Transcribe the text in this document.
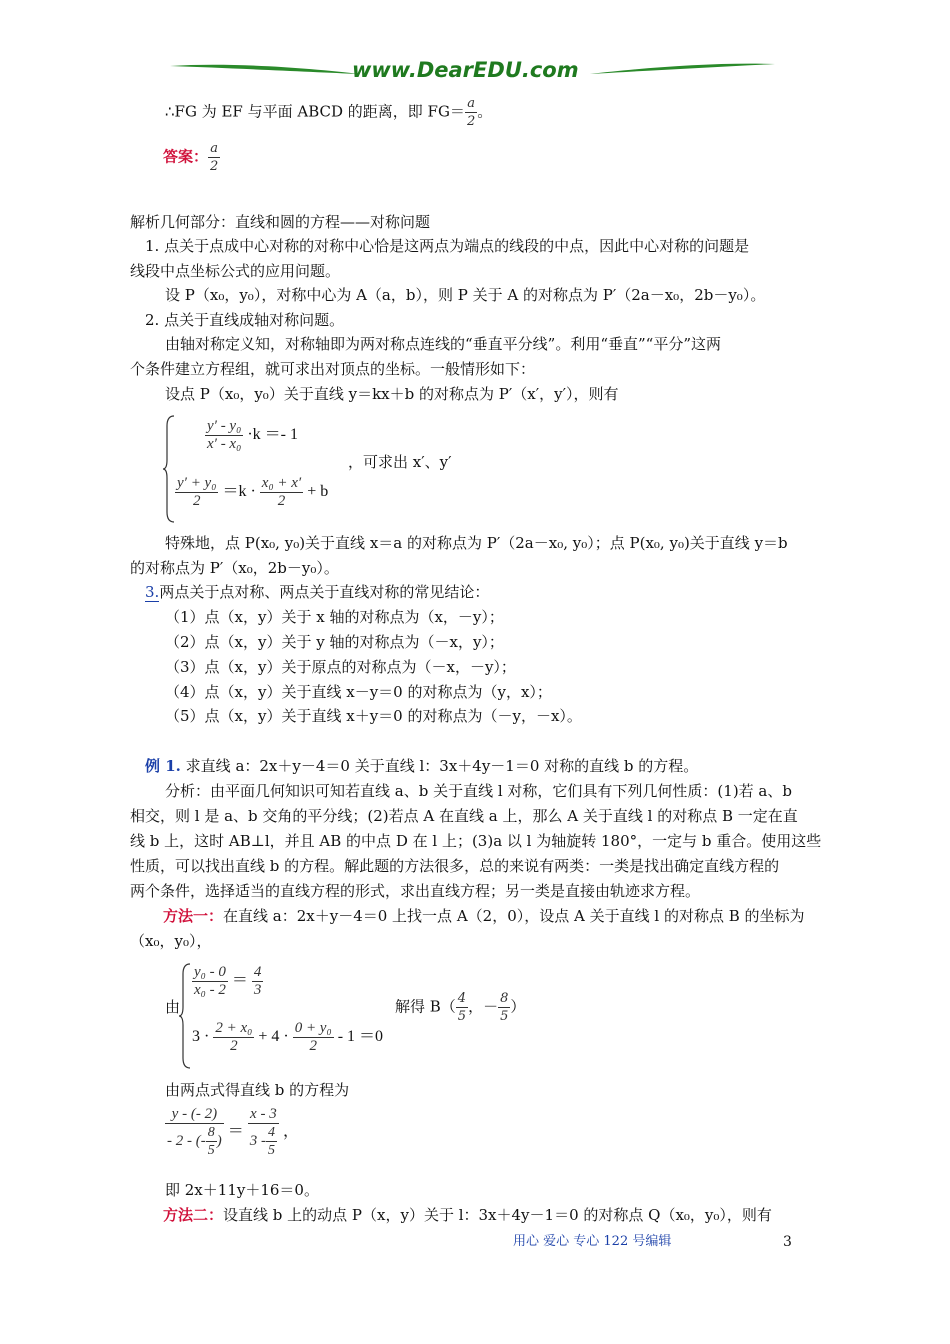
www.DearEDU.com
∴FG 为 EF 与平面 ABCD 的距离，即 $FG= \frac{a}{2}$ 。
答案： $\frac{a}{2}$
解析几何部分：直线和圆的方程——对称问题
1. 点关于点成中心对称的对称中心恰是这两点为端点的线段的中点，因此中心对称的问题是
线段中点坐标公式的应用问题。
设 P（x₀，y₀），对称中心为 A（a，b），则 P 关于 A 的对称点为 P′（2a－x₀，2b－y₀）。
2. 点关于直线成轴对称问题。
由轴对称定义知，对称轴即为两对称点连线的“垂直平分线”。利用“垂直”“平分”这两
个条件建立方程组，就可求出对顶点的坐标。一般情形如下：
设点 P（x₀，y₀）关于直线 y＝kx＋b 的对称点为 P′（x′，y′），则有
$\frac{\text{y′ - y₀}}{\text{x′ - x₀}} \cdot k =- 1$
$\frac{\text{y′ + y₀}}{2} =k \cdot \frac{\text{x₀ + x′}}{2} + b$
，可求出 x′、y′
特殊地，点 P(x₀, y₀)关于直线 x＝a 的对称点为 P′（2a－x₀, y₀）；点 P(x₀, y₀)关于直线 y＝b
的对称点为 P′（x₀，2b－y₀）。
3.两点关于点对称、两点关于直线对称的常见结论：
（1）点（x，y）关于 x 轴的对称点为（x，－y）；
（2）点（x，y）关于 y 轴的对称点为（－x，y）；
（3）点（x，y）关于原点的对称点为（－x，－y）；
（4）点（x，y）关于直线 x－y＝0 的对称点为（y，x）；
（5）点（x，y）关于直线 x＋y＝0 的对称点为（－y，－x）。
例 1. 求直线 a：2x＋y－4＝0 关于直线 l：3x＋4y－1＝0 对称的直线 b 的方程。
分析：由平面几何知识可知若直线 a、b 关于直线 l 对称，它们具有下列几何性质：(1)若 a、b
相交，则 l 是 a、b 交角的平分线；(2)若点 A 在直线 a 上，那么 A 关于直线 l 的对称点 B 一定在直
线 b 上，这时 AB⊥l，并且 AB 的中点 D 在 l 上；(3)a 以 l 为轴旋转 180°，一定与 b 重合。使用这些
性质，可以找出直线 b 的方程。解此题的方法很多，总的来说有两类：一类是找出确定直线方程的
两个条件，选择适当的直线方程的形式，求出直线方程；另一类是直接由轨迹求方程。
方法一：在直线 a：2x＋y－4＝0 上找一点 A（2，0），设点 A 关于直线 l 的对称点 B 的坐标为
（x₀，y₀），
由
$\frac{\text{y₀ - 0}}{\text{x₀ - 2}} = \frac{4}{3}$
$3 \cdot \frac{\text{2 + x₀}}{2} + 4 \cdot \frac{\text{0 + y₀}}{2} - 1 =0$
解得 $B( \frac{4}{5}$ ，－ $\frac{8}{5}$ ）
由两点式得直线 b 的方程为
$\frac{y - (- 2)}{- 2 - (- \frac{8}{5} )} = \frac{x - 3}{3 - \frac{4}{5}}$ ，
即 2x＋11y＋16＝0。
方法二：设直线 b 上的动点 P（x，y）关于 l：3x＋4y－1＝0 的对称点 Q（x₀，y₀），则有
用心 爱心 专心 122 号编辑	3
